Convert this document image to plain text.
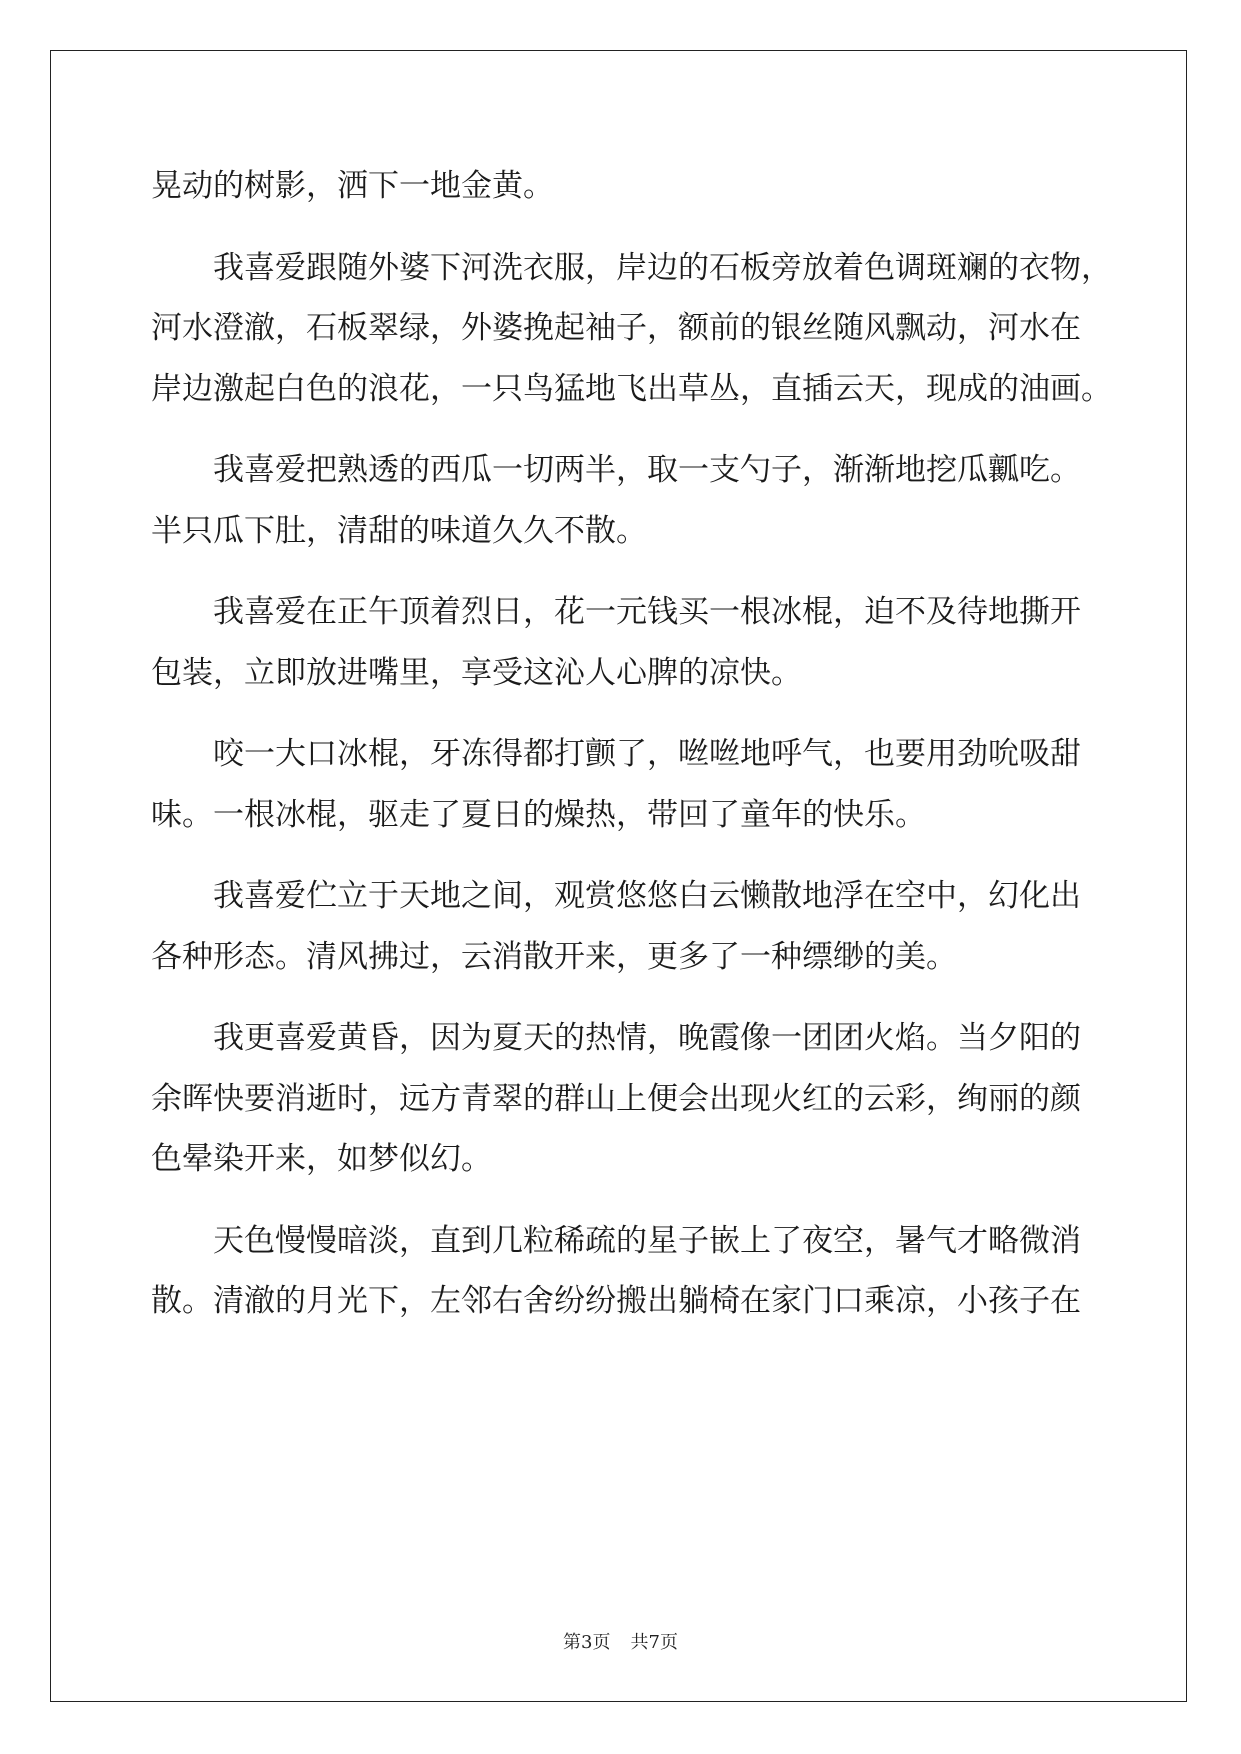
晃动的树影，洒下一地金黄。
我喜爱跟随外婆下河洗衣服，岸边的石板旁放着色调斑斓的衣物，
河水澄澈，石板翠绿，外婆挽起袖子，额前的银丝随风飘动，河水在
岸边激起白色的浪花，一只鸟猛地飞出草丛，直插云天，现成的油画。
我喜爱把熟透的西瓜一切两半，取一支勺子，渐渐地挖瓜瓤吃。
半只瓜下肚，清甜的味道久久不散。
我喜爱在正午顶着烈日，花一元钱买一根冰棍，迫不及待地撕开
包装，立即放进嘴里，享受这沁人心脾的凉快。
咬一大口冰棍，牙冻得都打颤了，咝咝地呼气，也要用劲吮吸甜
味。一根冰棍，驱走了夏日的燥热，带回了童年的快乐。
我喜爱伫立于天地之间，观赏悠悠白云懒散地浮在空中，幻化出
各种形态。清风拂过，云消散开来，更多了一种缥缈的美。
我更喜爱黄昏，因为夏天的热情，晚霞像一团团火焰。当夕阳的
余晖快要消逝时，远方青翠的群山上便会出现火红的云彩，绚丽的颜
色晕染开来，如梦似幻。
天色慢慢暗淡，直到几粒稀疏的星子嵌上了夜空，暑气才略微消
散。清澈的月光下，左邻右舍纷纷搬出躺椅在家门口乘凉，小孩子在
第3页 共7页
